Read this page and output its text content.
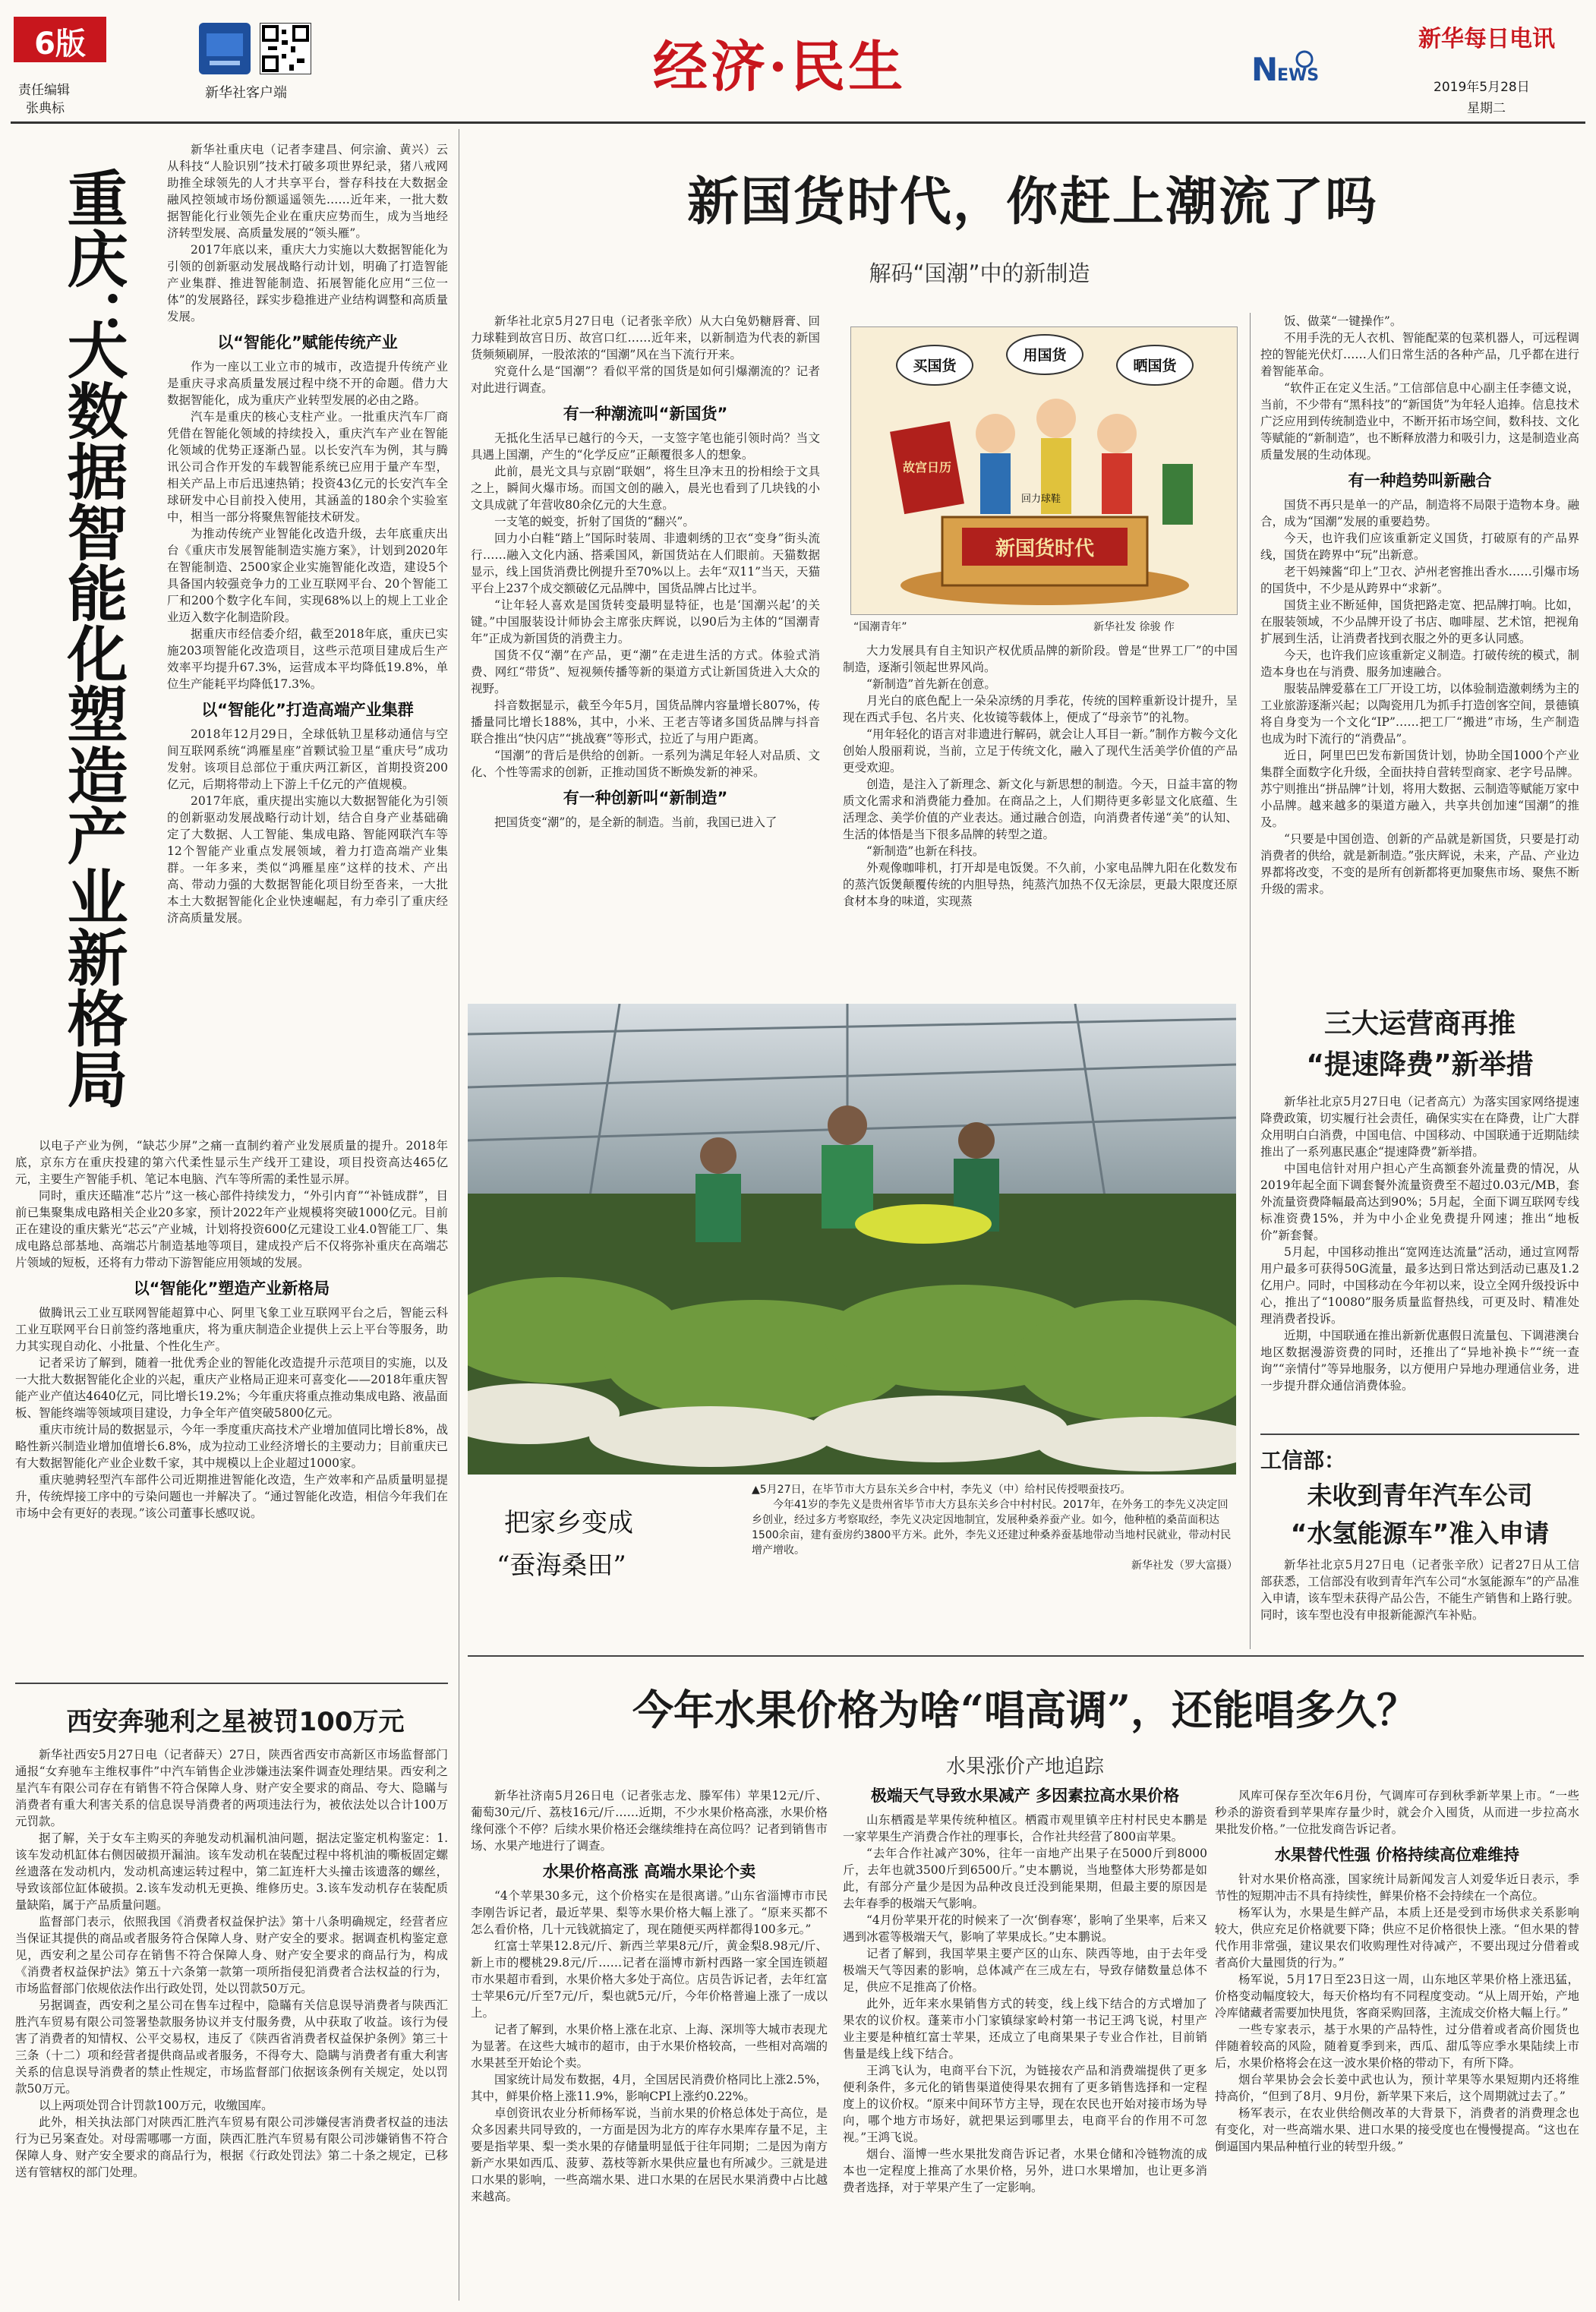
6版
责任编辑
张典标
新华社客户端	经济·民生	N
EWS
新华每日电讯
2019年5月28日
星期二
重庆：
大数据智能化塑造产业新格局

新华社重庆电（记者李建昌、何宗渝、黄兴）云从科技“人脸识别”技术打破多项世界纪录，猪八戒网助推全球领先的人才共享平台，誉存科技在大数据金融风控领域市场份额遥遥领先……近年来，一批大数据智能化行业领先企业在重庆应势而生，成为当地经济转型发展、高质量发展的“领头雁”。

2017年底以来，重庆大力实施以大数据智能化为引领的创新驱动发展战略行动计划，明确了打造智能产业集群、推进智能制造、拓展智能化应用“三位一体”的发展路径，踩实步稳推进产业结构调整和高质量发展。

以“智能化”赋能传统产业

作为一座以工业立市的城市，改造提升传统产业是重庆寻求高质量发展过程中绕不开的命题。借力大数据智能化，成为重庆产业转型发展的必由之路。

汽车是重庆的核心支柱产业。一批重庆汽车厂商凭借在智能化领域的持续投入，重庆汽车产业在智能化领域的优势正逐渐凸显。以长安汽车为例，其与腾讯公司合作开发的车载智能系统已应用于量产车型，相关产品上市后迅速热销；投资43亿元的长安汽车全球研发中心目前投入使用，其涵盖的180余个实验室中，相当一部分将聚焦智能技术研发。

为推动传统产业智能化改造升级，去年底重庆出台《重庆市发展智能制造实施方案》，计划到2020年在智能制造、2500家企业实施智能化改造，建设5个具备国内较强竞争力的工业互联网平台、20个智能工厂和200个数字化车间，实现68%以上的规上工业企业迈入数字化制造阶段。

据重庆市经信委介绍，截至2018年底，重庆已实施203项智能化改造项目，这些示范项目建成后生产效率平均提升67.3%，运营成本平均降低19.8%，单位生产能耗平均降低17.3%。

以“智能化”打造高端产业集群

2018年12月29日，全球低轨卫星移动通信与空间互联网系统“鸿雁星座”首颗试验卫星“重庆号”成功发射。该项目总部位于重庆两江新区，首期投资200亿元，后期将带动上下游上千亿元的产值规模。

2017年底，重庆提出实施以大数据智能化为引领的创新驱动发展战略行动计划，结合自身产业基础确定了大数据、人工智能、集成电路、智能网联汽车等12个智能产业重点发展领域，着力打造高端产业集群。一年多来，类似“鸿雁星座”这样的技术、产出高、带动力强的大数据智能化项目纷至沓来，一大批本土大数据智能化企业快速崛起，有力牵引了重庆经济高质量发展。

以电子产业为例，“缺芯少屏”之痛一直制约着产业发展质量的提升。2018年底，京东方在重庆投建的第六代柔性显示生产线开工建设，项目投资高达465亿元，主要生产智能手机、笔记本电脑、汽车等所需的柔性显示屏。

同时，重庆还瞄准“芯片”这一核心部件持续发力，“外引内育”“补链成群”，目前已集聚集成电路相关企业20多家，预计2022年产业规模将突破1000亿元。目前正在建设的重庆紫光“芯云”产业城，计划将投资600亿元建设工业4.0智能工厂、集成电路总部基地、高端芯片制造基地等项目，建成投产后不仅将弥补重庆在高端芯片领域的短板，还将有力带动下游智能应用领域的发展。

以“智能化”塑造产业新格局

做腾讯云工业互联网智能超算中心、阿里飞象工业互联网平台之后，智能云科工业互联网平台日前签约落地重庆，将为重庆制造企业提供上云上平台等服务，助力其实现自动化、小批量、个性化生产。

记者采访了解到，随着一批优秀企业的智能化改造提升示范项目的实施，以及一大批大数据智能化企业的兴起，重庆产业格局正迎来可喜变化——2018年重庆智能产业产值达4640亿元，同比增长19.2%；今年重庆将重点推动集成电路、液晶面板、智能终端等领域项目建设，力争全年产值突破5800亿元。

重庆市统计局的数据显示，今年一季度重庆高技术产业增加值同比增长8%，战略性新兴制造业增加值增长6.8%，成为拉动工业经济增长的主要动力；目前重庆已有大数据智能化产业企业数千家，其中规模以上企业超过1000家。

重庆驰骋轻型汽车部件公司近期推进智能化改造，生产效率和产品质量明显提升，传统焊接工序中的亏染问题也一并解决了。“通过智能化改造，相信今年我们在市场中会有更好的表现。”该公司董事长感叹说。

西安奔驰利之星被罚100万元

新华社西安5月27日电（记者薛天）27日，陕西省西安市高新区市场监督部门通报“女弃驰车主维权事件”中汽车销售企业涉嫌违法案件调查处理结果。西安利之星汽车有限公司存在有销售不符合保障人身、财产安全要求的商品、夸大、隐瞞与消费者有重大利害关系的信息误导消费者的两项违法行为，被依法处以合计100万元罚款。

据了解，关于女车主购买的奔驰发动机漏机油问题，据法定鉴定机构鉴定：1.该车发动机缸体右侧因破损开漏油。该车发动机在装配过程中将机油的嘶板固定螺丝遗落在发动机内，发动机高速运转过程中，第二缸连杆大头撞击该遗落的螺丝，导致该部位缸体破损。2.该车发动机无更换、维修历史。3.该车发动机存在装配质量缺陷，属于产品质量问题。

监督部门表示，依照我国《消费者权益保护法》第十八条明确规定，经营者应当保证其提供的商品或者服务符合保障人身、财产安全的要求。据调查机构鉴定意见，西安利之星公司存在销售不符合保障人身、财产安全要求的商品行为，构成《消费者权益保护法》第五十六条第一款第一项所指侵犯消费者合法权益的行为，市场监督部门依规依法作出行政处罚，处以罚款50万元。

另据调查，西安利之星公司在售车过程中，隐瞞有关信息误导消费者与陕西汇胜汽车贸易有限公司签署垫款服务协议并支付服务费，从中获取了收益。该行为侵害了消费者的知情权、公平交易权，违反了《陕西省消费者权益保护条例》第三十三条（十二）项和经营者提供商品或者服务，不得夸大、隐瞒与消费者有重大利害关系的信息误导消费者的禁止性规定，市场监督部门依据该条例有关规定，处以罚款50万元。

以上两项处罚合计罚款100万元，收缴国库。

此外，相关执法部门对陕西汇胜汽车贸易有限公司涉嫌侵害消费者权益的违法行为已另案查处。对母需哪哪一方面，陕西汇胜汽车贸易有限公司涉嫌销售不符合保障人身、财产安全要求的商品行为，根据《行政处罚法》第二十条之规定，已移送有管辖权的部门处理。

新国货时代，你赶上潮流了吗
解码“国潮”中的新制造

新华社北京5月27日电（记者张辛欣）从大白兔奶糖唇膏、回力球鞋到故宫日历、故宫口红……近年来，以新制造为代表的新国货频频刷屏，一股浓浓的“国潮”风在当下流行开来。

究竟什么是“国潮”？看似平常的国货是如何引爆潮流的？记者对此进行调查。

有一种潮流叫“新国货”

无抵化生活早已越行的今天，一支签字笔也能引领时尚？当文具遇上国潮，产生的“化学反应”正颠覆很多人的想象。

此前，晨光文具与京剧“联姻”，将生旦净末丑的扮相绘于文具之上，瞬间火爆市场。而国文创的融入，晨光也看到了几块钱的小文具成就了年营收80余亿元的大生意。

一支笔的蜕变，折射了国货的“翻兴”。

回力小白鞋“踏上”国际时装周、非遗刺绣的卫衣“变身”街头流行……融入文化内涵、搭乘国风，新国货站在人们眼前。天猫数据显示，线上国货消费比例提升至70%以上。去年“双11”当天，天猫平台上237个成交额破亿元品牌中，国货品牌占比过半。

“让年轻人喜欢是国货转变最明显特征，也是‘国潮兴起’的关键。”中国服装设计师协会主席张庆辉说，以90后为主体的“国潮青年”正成为新国货的消费主力。

国货不仅“潮”在产品，更“潮”在走进生活的方式。体验式消费、网红“带货”、短视频传播等新的渠道方式让新国货进入大众的视野。

抖音数据显示，截至今年5月，国货品牌内容量增长807%，传播量同比增长188%，其中，小米、王老吉等诸多国货品牌与抖音联合推出“快闪店”“挑战赛”等形式，拉近了与用户距离。

“国潮”的背后是供给的创新。一系列为满足年轻人对品质、文化、个性等需求的创新，正推动国货不断焕发新的神采。

有一种创新叫“新制造”

把国货变“潮”的，是全新的制造。当前，我国已进入了

买国货
用国货
晒国货
故宫日历
回力球鞋
新国货时代
“国潮青年”	新华社发 徐骏 作

大力发展具有自主知识产权优质品牌的新阶段。曾是“世界工厂”的中国制造，逐渐引领起世界风尚。

“新制造”首先新在创意。

月光白的底色配上一朵朵凉绣的月季花，传统的国粹重新设计提升，呈现在西式手包、名片夹、化妆镜等载体上，便成了“母亲节”的礼物。

“用年轻化的语言对非遗进行解码，就会让人耳目一新。”制作方鞍今文化创始人殷丽莉说，当前，立足于传统文化，融入了现代生活美学价值的产品更受欢迎。

创造，是注入了新理念、新文化与新思想的制造。今天，日益丰富的物质文化需求和消费能力叠加。在商品之上，人们期待更多彰显文化底蕴、生活理念、美学价值的产业表达。通过融合创造，向消费者传递“美”的认知、生活的体悟是当下很多品牌的转型之道。

“新制造”也新在科技。

外观像咖啡机，打开却是电饭煲。不久前，小家电品牌九阳在化数发布的蒸汽饭煲颠覆传统的内胆导热，纯蒸汽加热不仅无涂层，更最大限度还原食材本身的味道，实现蒸

饭、做菜“一键操作”。

不用手洗的无人衣机、智能配菜的包菜机器人，可远程调控的智能光伏灯……人们日常生活的各种产品，几乎都在进行着智能革命。

“软件正在定义生活。”工信部信息中心副主任李德文说，当前，不少带有“黑科技”的“新国货”为年轻人追捧。信息技术广泛应用到传统制造业中，不断开拓市场空间，数科技、文化等赋能的“新制造”，也不断释放潜力和吸引力，这是制造业高质量发展的生动体现。

有一种趋势叫新融合

国货不再只是单一的产品，制造将不局限于造物本身。融合，成为“国潮”发展的重要趋势。

今天，也许我们应该重新定义国货，打破原有的产品界线，国货在跨界中“玩”出新意。

老干妈辣酱“印上”卫衣、泸州老窖推出香水……引爆市场的国货中，不少是从跨界中“求新”。

国货主业不断延伸，国货把路走宽、把品牌打响。比如，在服装领域，不少品牌开设了书店、咖啡屋、艺术馆，把视角扩展到生活，让消费者找到衣服之外的更多认同感。

今天，也许我们应该重新定义制造。打破传统的模式，制造本身也在与消费、服务加速融合。

服装品牌爱慕在工厂开设工坊，以体验制造激刺绣为主的工业旅游逐渐兴起；以陶瓷用几为抓手打造创客空间，景德镇将自身变为一个文化“IP”……把工厂“搬进”市场，生产制造也成为时下流行的“消费品”。

近日，阿里巴巴发布新国货计划，协助全国1000个产业集群全面数字化升级，全面扶持自营转型商家、老字号品牌。苏宁则推出“拼品牌”计划，将用大数据、云制造等赋能万家中小品牌。越来越多的渠道方融入，共享共创加速“国潮”的推及。

“只要是中国创造、创新的产品就是新国货，只要是打动消费者的供给，就是新制造。”张庆辉说，未来，产品、产业边界都将改变，不变的是所有创新都将更加聚焦市场、聚焦不断升级的需求。

把家乡变成
“蚕海桑田”
▲5月27日，在毕节市大方县东关乡合中村，李先义（中）给村民传授喂蚕技巧。
今年41岁的李先义是贵州省毕节市大方县东关乡合中村村民。2017年，在外务工的李先义决定回乡创业，经过多方考察取经，李先义决定因地制宜，发展种桑养蚕产业。如今，他种植的桑苗面积达1500余亩，建有蚕房约3800平方米。此外，李先义还建过种桑养蚕基地带动当地村民就业，带动村民增产增收。
新华社发（罗大富摄）
三大运营商再推
“提速降费”新举措

新华社北京5月27日电（记者高亢）为落实国家网络提速降费政策，切实履行社会责任，确保实实在在降费，让广大群众用明白白消费，中国电信、中国移动、中国联通于近期陆续推出了一系列惠民惠企“提速降费”新举措。

中国电信针对用户担心产生高额套外流量费的情况，从2019年起全面下调套餐外流量资费至不超过0.03元/MB，套外流量资费降幅最高达到90%；5月起，全面下调互联网专线标准资费15%，并为中小企业免费提升网速；推出“地板价”新套餐。

5月起，中国移动推出“宽网连达流量”活动，通过宣网帮用户最多可获得50G流量，最多达到日常达到活动已惠及1.2亿用户。同时，中国移动在今年初以来，设立全网升级投诉中心，推出了“10080”服务质量监督热线，可更及时、精准处理消费者投诉。

近期，中国联通在推出新新优惠假日流量包、下调港澳台地区数据漫游资费的同时，还推出了“异地补换卡”“统一查询”“亲情付”等异地服务，以方便用户异地办理通信业务，进一步提升群众通信消费体验。

工信部：
未收到青年汽车公司
“水氢能源车”准入申请

新华社北京5月27日电（记者张辛欣）记者27日从工信部获悉，工信部没有收到青年汽车公司“水氢能源车”的产品准入申请，该车型未获得产品公告，不能生产销售和上路行驶。同时，该车型也没有申报新能源汽车补贴。

今年水果价格为啥“唱高调”，还能唱多久？
水果涨价产地追踪

新华社济南5月26日电（记者张志龙、滕军伟）苹果12元/斤、葡萄30元/斤、荔枝16元/斤……近期，不少水果价格高涨，水果价格缘何涨个不停？后续水果价格还会继续维持在高位吗？记者到销售市场、水果产地进行了调查。

水果价格高涨 高端水果论个卖

“4个苹果30多元，这个价格实在是很离谱。”山东省淄博市市民李刚告诉记者，最近苹果、梨等水果价格大幅上涨了。“原来买都不怎么看价格，几十元钱就搞定了，现在随便买两样都得100多元。”

红富士苹果12.8元/斤、新西兰苹果8元/斤，黄金梨8.98元/斤、新上市的樱桃29.8元/斤……记者在淄博市新村西路一家全国连锁超市水果超市看到，水果价格大多处于高位。店员告诉记者，去年红富士苹果6元/斤至7元/斤，梨也就5元/斤，今年价格普遍上涨了一成以上。

记者了解到，水果价格上涨在北京、上海、深圳等大城市表现尤为显著。在这些大城市的超市，由于水果价格较高，一些相对高端的水果甚至开始论个卖。

国家统计局发布数据，4月，全国居民消费价格同比上涨2.5%，其中，鲜果价格上涨11.9%，影响CPI上涨约0.22%。

卓创资讯农业分析师杨军说，当前水果的价格总体处于高位，是众多因素共同导致的，一方面是因为北方的库存水果库存量不足，主要是指苹果、梨一类水果的存储量明显低于往年同期；二是因为南方新产水果如西瓜、菠萝、荔枝等新水果供应量也有所减少。三就是进口水果的影响，一些高端水果、进口水果的在居民水果消费中占比越来越高。

极端天气导致水果减产 多因素拉高水果价格

山东栖霞是苹果传统种植区。栖霞市观里镇辛庄村村民史本鹏是一家苹果生产消费合作社的理事长，合作社共经营了800亩苹果。

“去年合作社减产30%，往年一亩地产出果子在5000斤到8000斤，去年也就3500斤到6500斤。”史本鹏说，当地整体大形势都是如此，有部分产量少是因为品种改良迁没到能果期，但最主要的原因是去年春季的极端天气影响。

“4月份苹果开花的时候来了一次‘倒春寒’，影响了坐果率，后来又遇到冰雹等极端天气，影响了苹果成长。”史本鹏说。

记者了解到，我国苹果主要产区的山东、陕西等地，由于去年受极端天气等因素的影响，总体减产在三成左右，导致存储数量总体不足，供应不足推高了价格。

此外，近年来水果销售方式的转变，线上线下结合的方式增加了果农的议价权。蓬莱市小门家镇绿家岭村第一书记王鸿飞说，村里产业主要是种植红富士苹果，还成立了电商果果子专业合作社，目前销售量是线上线下结合。

王鸿飞认为，电商平台下沉，为链接农产品和消费端提供了更多便利条件，多元化的销售渠道使得果农拥有了更多销售选择和一定程度上的议价权。“原来中间环节方主导，现在农民也开始对接市场为导向，哪个地方市场好，就把果运到哪里去，电商平台的作用不可忽视。”王鸿飞说。

烟台、淄博一些水果批发商告诉记者，水果仓储和冷链物流的成本也一定程度上推高了水果价格，另外，进口水果增加，也让更多消费者选择，对于苹果产生了一定影响。

风库可保存至次年6月份，气调库可存到秋季新苹果上市。“一些秒杀的游资看到苹果库存量少时，就会介入囤货，从而进一步拉高水果批发价格。”一位批发商告诉记者。

水果替代性强 价格持续高位难维持

针对水果价格高涨，国家统计局新闻发言人刘爱华近日表示，季节性的短期冲击不具有持续性，鲜果价格不会持续在一个高位。

杨军认为，水果是生鲜产品，本质上还是受到市场供求关系影响较大，供应充足价格就要下降；供应不足价格很快上涨。“但水果的替代作用非常强，建议果农们收购理性对待减产，不要出现过分借着或者高价大量囤货的行为。”

杨军说，5月17日至23日这一周，山东地区苹果价格上涨迅猛，价格变动幅度较大，每天价格均有不同程度变动。“从上周开始，产地冷库储藏者需要加快甩货，客商采购回落，主流成交价格大幅上行。”

一些专家表示，基于水果的产品特性，过分借着或者高价囤货也伴随着较高的风险，随着夏季到来，西瓜、甜瓜等应季水果陆续上市后，水果价格将会在这一波水果价格的带动下，有所下降。

烟台苹果协会会长姜中武也认为，预计苹果等水果短期内还将维持高价，“但到了8月、9月份，新苹果下来后，这个周期就过去了。”

杨军表示，在农业供给侧改革的大背景下，消费者的消费理念也有变化，对一些高端水果、进口水果的接受度也在慢慢提高。“这也在倒逼国内果品种植行业的转型升级。”
